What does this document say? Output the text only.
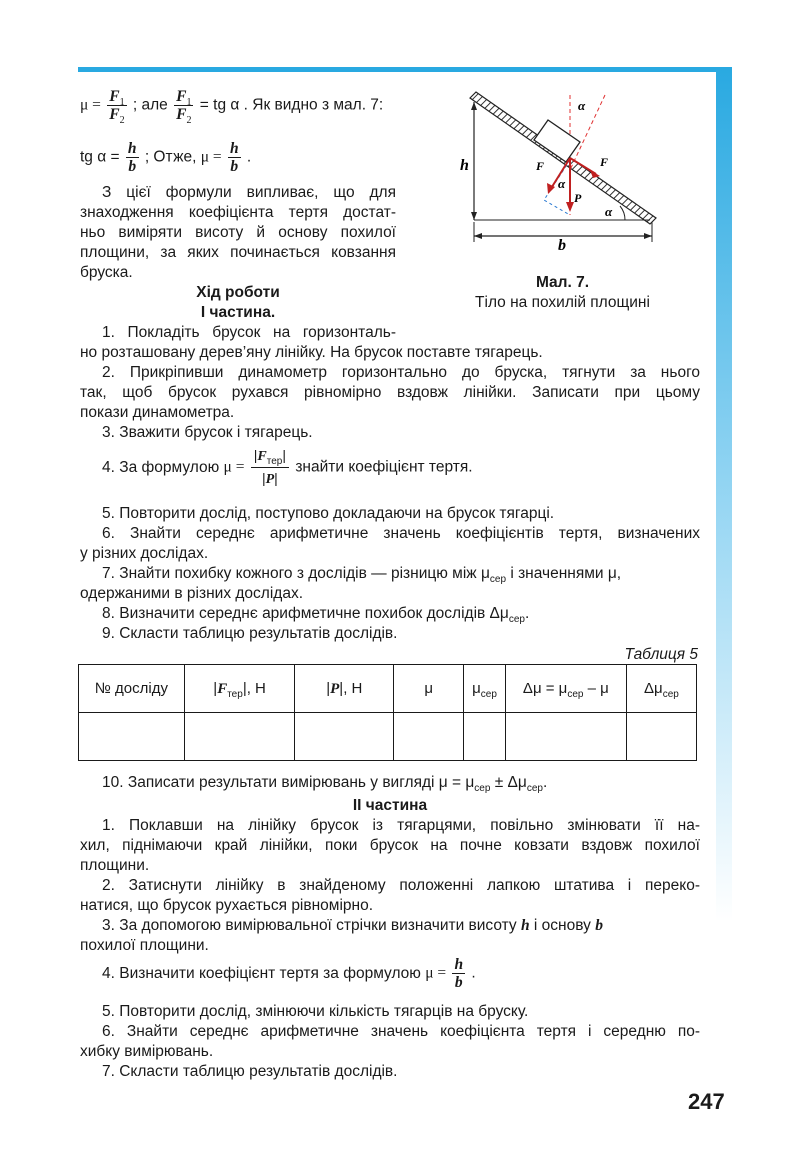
$\mu = \frac{F_1}{F_2}$ ; але $\frac{F_1}{F_2}$ = tg α . Як видно з мал. 7:
tg $\alpha = \frac{h}{b}$ ; Отже, $\mu = \frac{h}{b}$ .
З цієї формули випливає, що для
знаходження коефіцієнта тертя достат-
ньо виміряти висоту й основу похилої
площини, за яких починається ковзання
бруска.
Хід роботи
I частина.
h
b
α
α
α
F
F
P
Мал. 7.
Тіло на похилій площині
1. Покладіть брусок на горизонталь-
но розташовану дерев’яну лінійку. На брусок поставте тягарець.
2. Прикріпивши динамометр горизонтально до бруска, тягнути за нього
так, щоб брусок рухався рівномірно вздовж лінійки. Записати при цьому
покази динамометра.
3. Зважити брусок і тягарець.
4. За формулою $\mu = \frac{|F_{тер}|}{|P|}$ знайти коефіцієнт тертя.
5. Повторити дослід, поступово докладаючи на брусок тягарці.
6. Знайти середнє арифметичне значень коефіцієнтів тертя, визначених
у різних дослідах.
7. Знайти похибку кожного з дослідів — різницю між $\mu_{сер}$ і значеннями μ,
одержаними в різних дослідах.
8. Визначити середнє арифметичне похибок дослідів $\Delta\mu_{сер}$.
9. Скласти таблицю результатів дослідів.
Таблиця 5
№ дослiду	$|F_{тер}|$, Н	|P|, Н	μ	$\mu_{сер}$	$\Delta\mu = \mu_{сер} - \mu$	$\Delta\mu_{сер}$

10. Записати результати вимірювань у вигляді $\mu = \mu_{сер} \pm \Delta\mu_{сер}$.
II частина
1. Поклавши на лінійку брусок із тягарцями, повільно змінювати її на-
хил, піднімаючи край лінійки, поки брусок на почне ковзати вздовж похилої
площини.
2. Затиснути лінійку в знайденому положенні лапкою штатива і переко-
натися, що брусок рухається рівномірно.
3. За допомогою вимірювальної стрічки визначити висоту h і основу b
похилої площини.
4. Визначити коефіцієнт тертя за формулою $\mu = \frac{h}{b}$ .
5. Повторити дослід, змінюючи кількість тягарців на бруску.
6. Знайти середнє арифметичне значень коефіцієнта тертя і середню по-
хибку вимірювань.
7. Скласти таблицю результатів дослідів.
247
